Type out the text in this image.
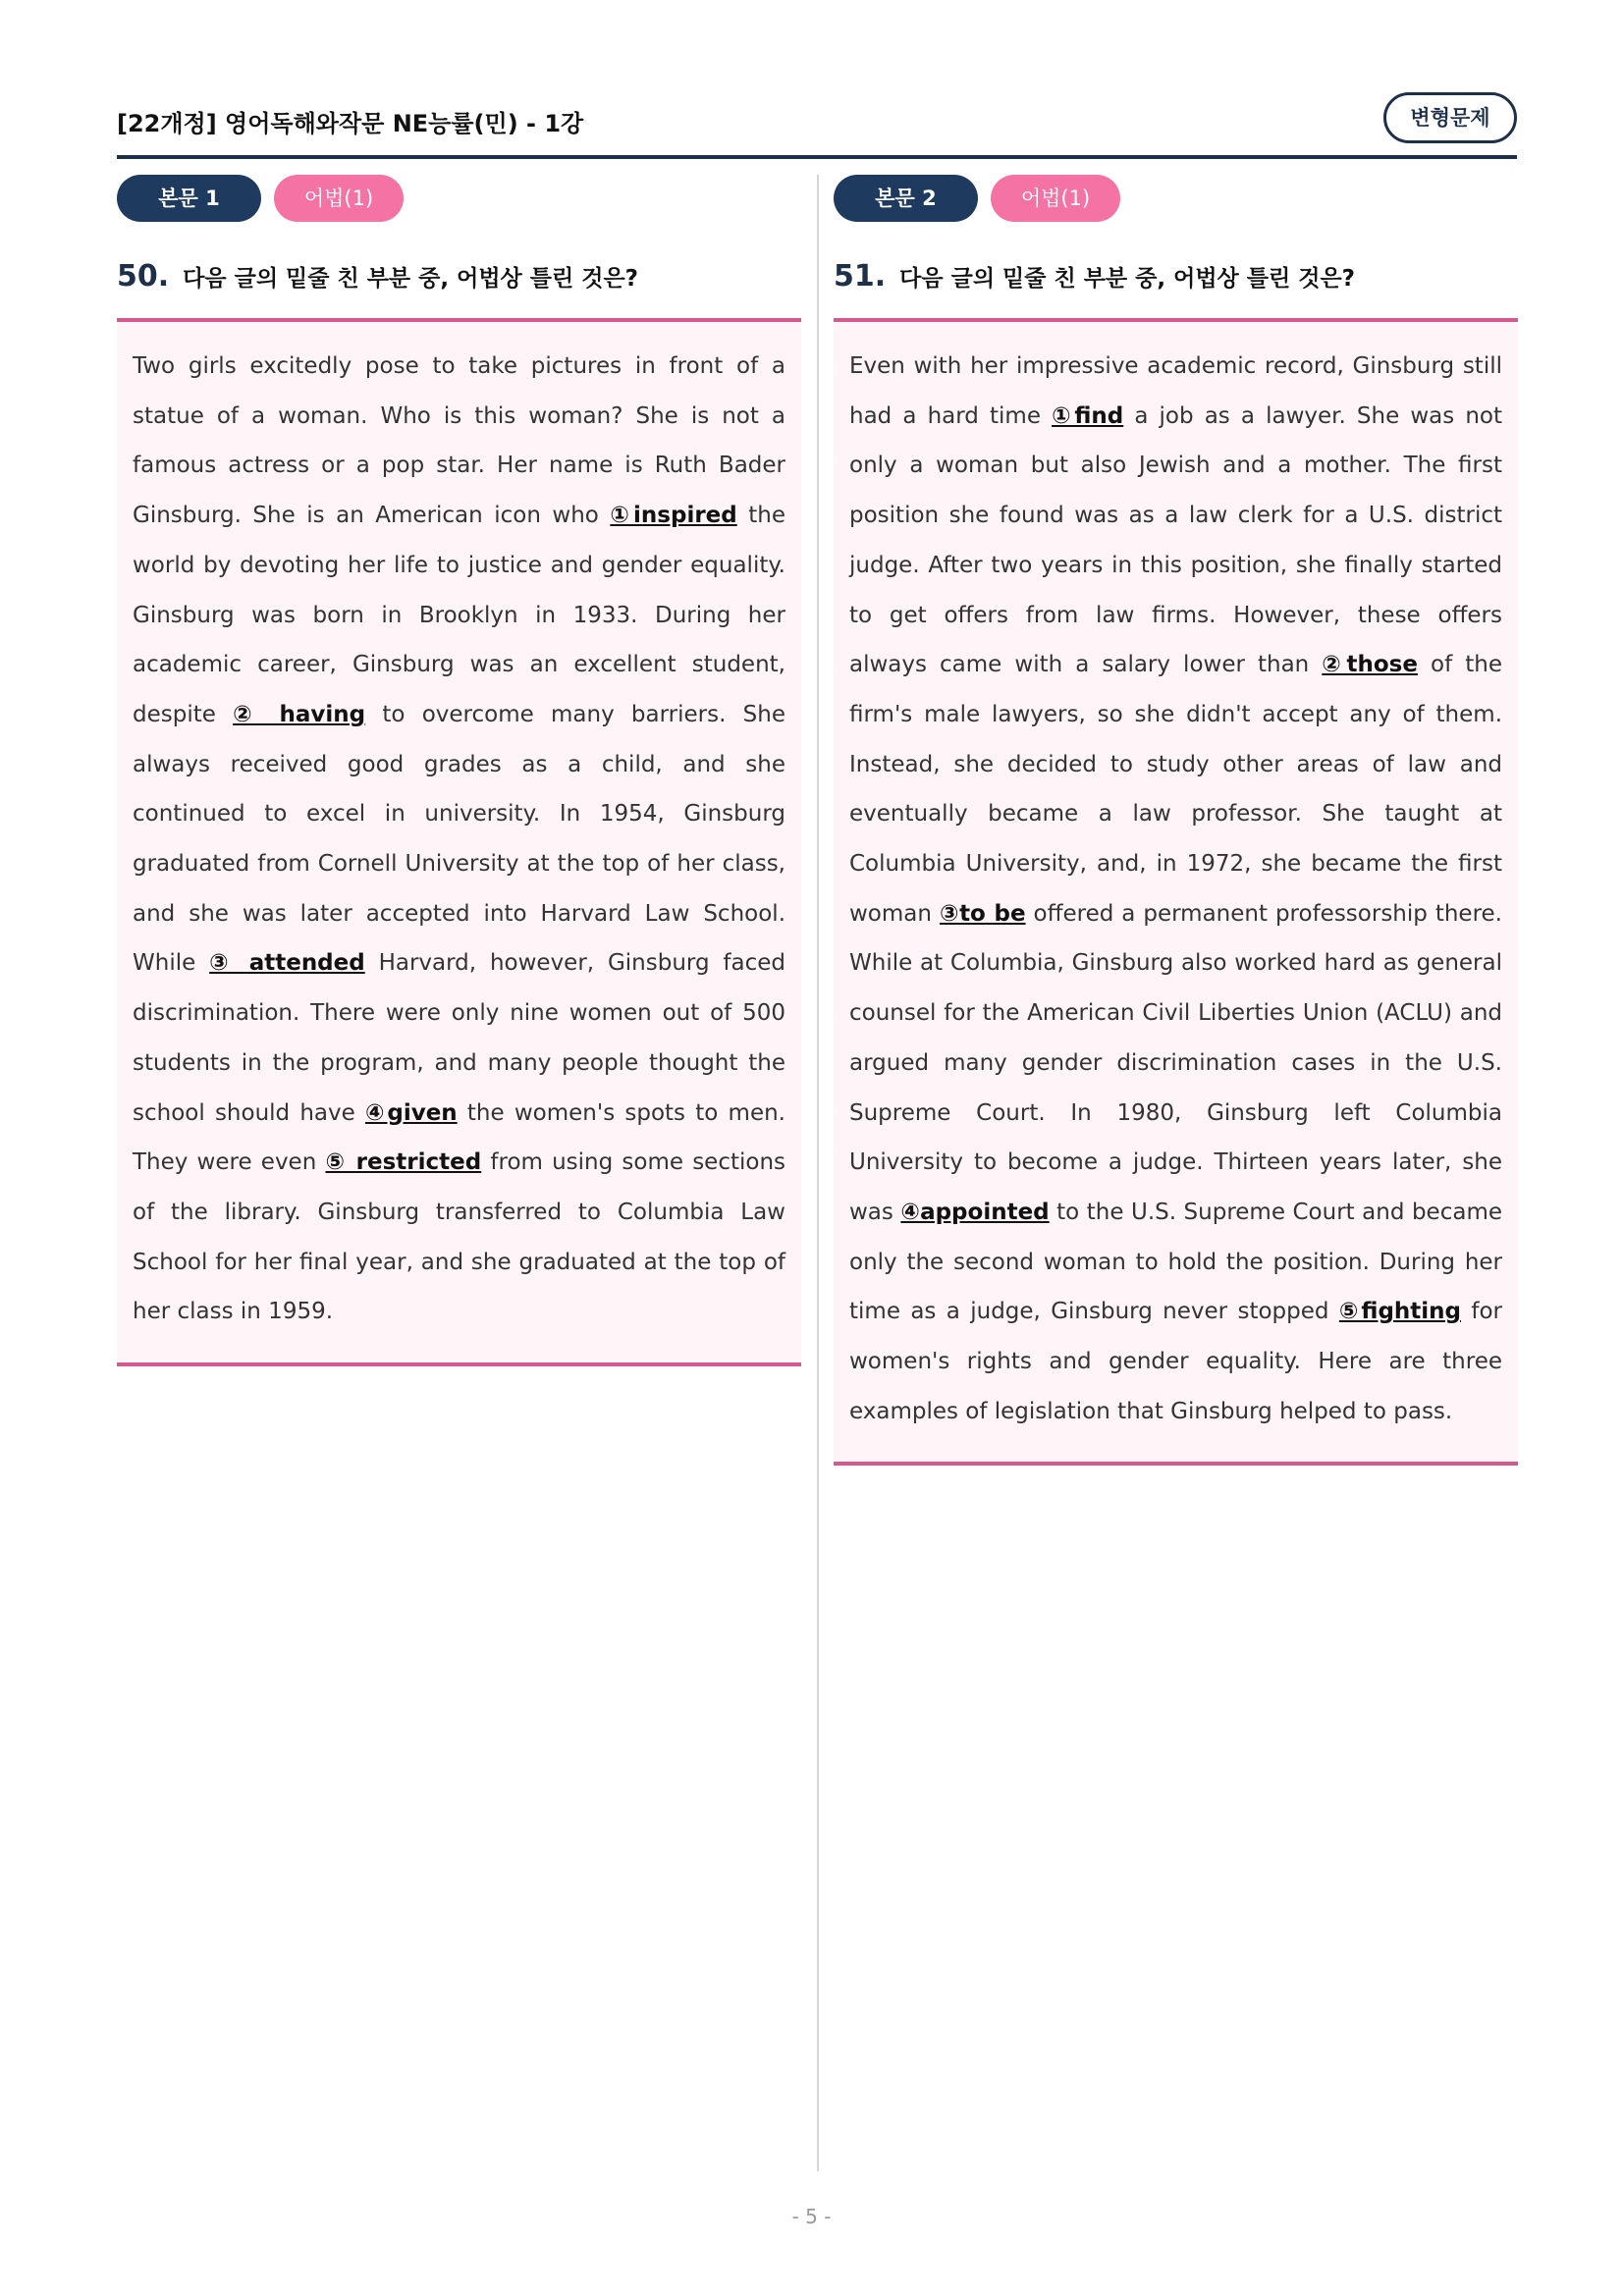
[22개정] 영어독해와작문 NE능률(민) - 1강	변형문제
본문 1	어법(1)
50. 다음 글의 밑줄 친 부분 중, 어법상 틀린 것은?

Two girls excitedly pose to take pictures in front of a statue of a woman. Who is this woman? She is not a famous actress or a pop star. Her name is Ruth Bader Ginsburg. She is an American icon who ①inspired the world by devoting her life to justice and gender equality. Ginsburg was born in Brooklyn in 1933. During her academic career, Ginsburg was an excellent student, despite ② having to overcome many barriers. She always received good grades as a child, and she continued to excel in university. In 1954, Ginsburg graduated from Cornell University at the top of her class, and she was later accepted into Harvard Law School. While ③ attended Harvard, however, Ginsburg faced discrimination. There were only nine women out of 500 students in the program, and many people thought the school should have ④given the women's spots to men. They were even ⑤ restricted from using some sections of the library. Ginsburg transferred to Columbia Law School for her final year, and she graduated at the top of her class in 1959.

본문 2	어법(1)
51. 다음 글의 밑줄 친 부분 중, 어법상 틀린 것은?

Even with her impressive academic record, Ginsburg still had a hard time ①find a job as a lawyer. She was not only a woman but also Jewish and a mother. The first position she found was as a law clerk for a U.S. district judge. After two years in this position, she finally started to get offers from law firms. However, these offers always came with a salary lower than ②those of the firm's male lawyers, so she didn't accept any of them. Instead, she decided to study other areas of law and eventually became a law professor. She taught at Columbia University, and, in 1972, she became the first woman ③to be offered a permanent professorship there. While at Columbia, Ginsburg also worked hard as general counsel for the American Civil Liberties Union (ACLU) and argued many gender discrimination cases in the U.S. Supreme Court. In 1980, Ginsburg left Columbia University to become a judge. Thirteen years later, she was ④appointed to the U.S. Supreme Court and became only the second woman to hold the position. During her time as a judge, Ginsburg never stopped ⑤fighting for women's rights and gender equality. Here are three examples of legislation that Ginsburg helped to pass.

- 5 -
